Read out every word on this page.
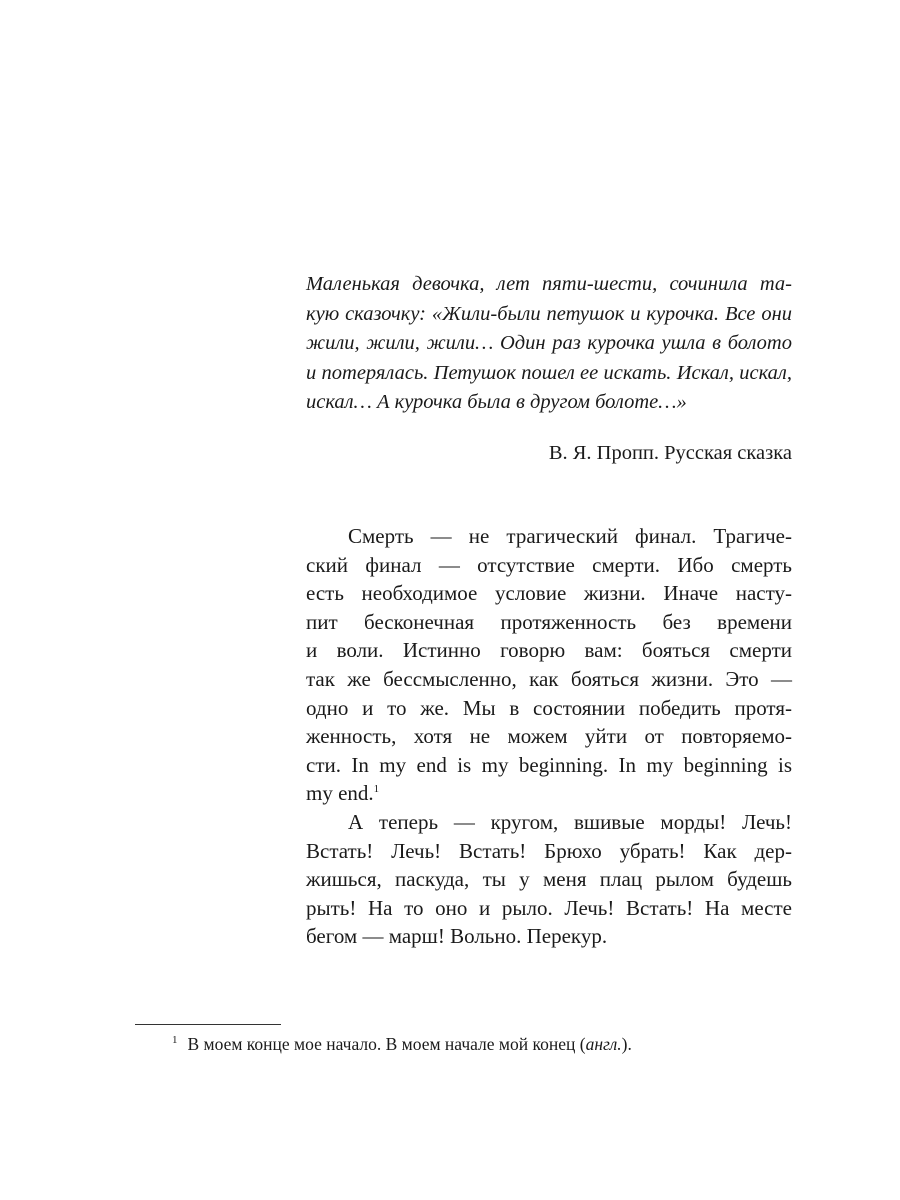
Маленькая девочка, лет пяти-шести, сочинила та-
кую сказочку: «Жили-были петушок и курочка. Все они
жили, жили, жили… Один раз курочка ушла в болото
и потерялась. Петушок пошел ее искать. Искал, искал,
искал… А курочка была в другом болоте…»
В. Я. Пропп. Русская сказка
Смерть — не трагический финал. Трагиче-
ский финал — отсутствие смерти. Ибо смерть
есть необходимое условие жизни. Иначе насту-
пит бесконечная протяженность без времени
и воли. Истинно говорю вам: бояться смерти
так же бессмысленно, как бояться жизни. Это —
одно и то же. Мы в состоянии победить протя-
женность, хотя не можем уйти от повторяемо-
сти. In my end is my beginning. In my beginning is
my end.$^1$
А теперь — кругом, вшивые морды! Лечь!
Встать! Лечь! Встать! Брюхо убрать! Как дер-
жишься, паскуда, ты у меня плац рылом будешь
рыть! На то оно и рыло. Лечь! Встать! На месте
бегом — марш! Вольно. Перекур.
$^1$ В моем конце мое начало. В моем начале мой конец (англ.).
